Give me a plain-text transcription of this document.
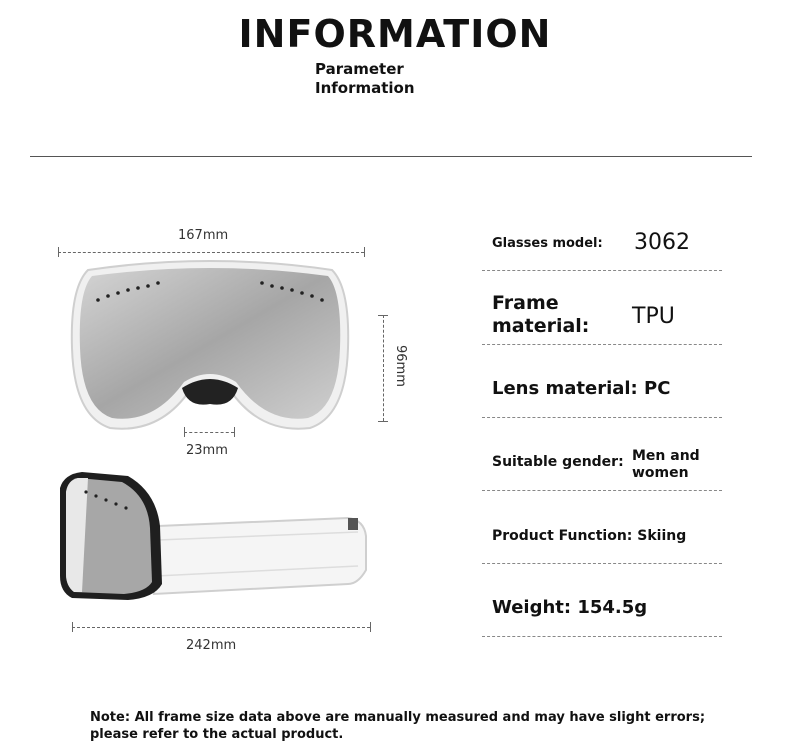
INFORMATION
Parameter
Information
167mm
96mm
23mm
242mm
Glasses model: 3062
Frame
material: TPU
Lens material: PC
Suitable gender: Men and
women
Product Function: Skiing
Weight: 154.5g
Note: All frame size data above are manually measured and may have slight errors;
please refer to the actual product.
